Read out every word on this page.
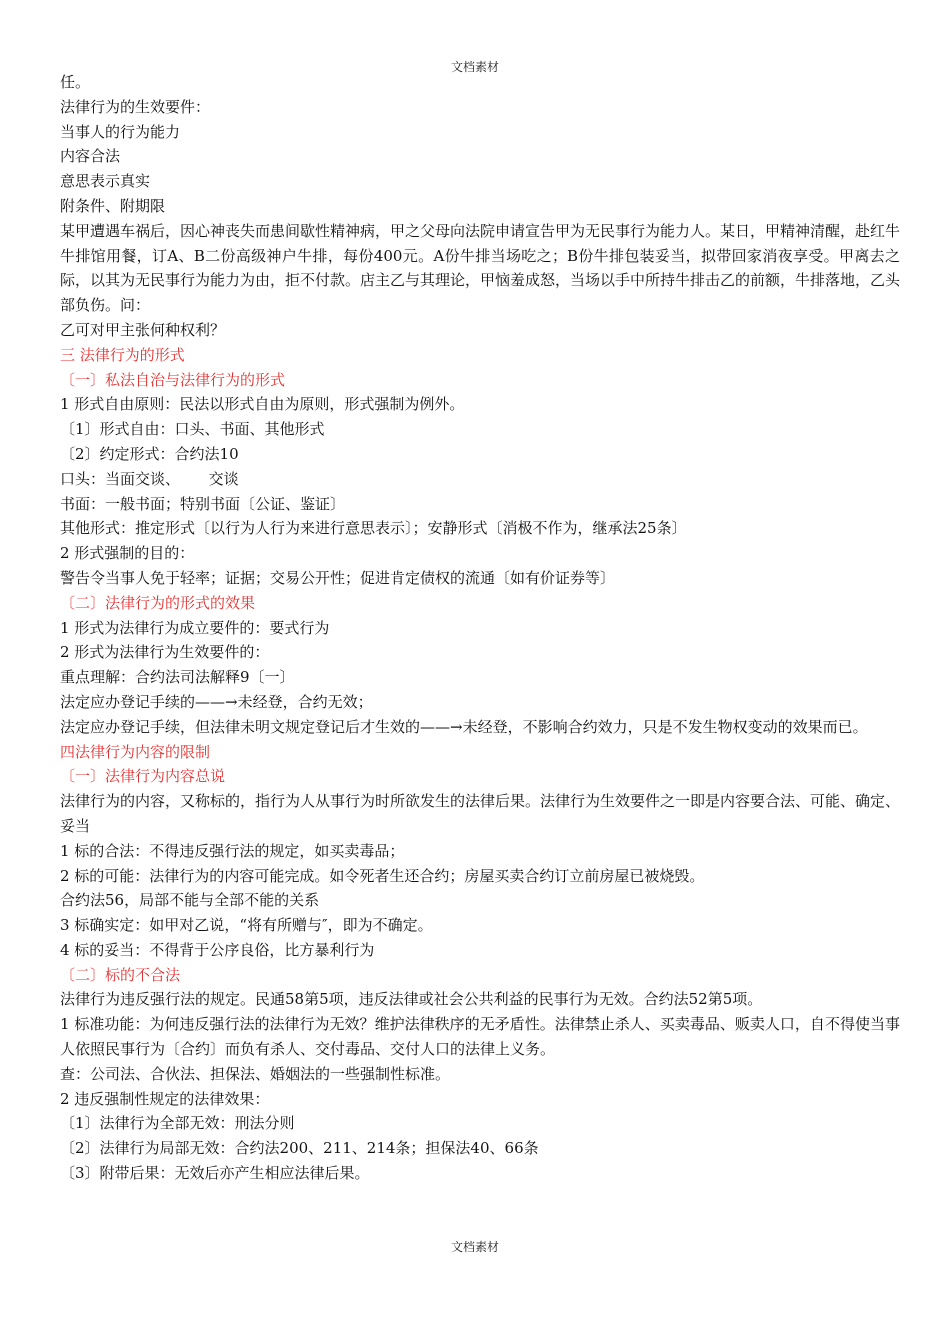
文档素材

任。

法律行为的生效要件：

当事人的行为能力

内容合法

意思表示真实

附条件、附期限

某甲遭遇车祸后，因心神丧失而患间歇性精神病，甲之父母向法院申请宣告甲为无民事行为能力人。某日，甲精神清醒，赴红牛牛排馆用餐，订A、B二份高级神户牛排，每份400元。A份牛排当场吃之；B份牛排包装妥当，拟带回家消夜享受。甲离去之际，以其为无民事行为能力为由，拒不付款。店主乙与其理论，甲恼羞成怒，当场以手中所持牛排击乙的前额，牛排落地，乙头部负伤。问：

乙可对甲主张何种权利？

三 法律行为的形式

〔一〕私法自治与法律行为的形式

1 形式自由原则：民法以形式自由为原则，形式强制为例外。

〔1〕形式自由：口头、书面、其他形式

〔2〕约定形式：合约法10

口头：当面交谈、      交谈

书面：一般书面；特别书面〔公证、鉴证〕

其他形式：推定形式〔以行为人行为来进行意思表示〕；安静形式〔消极不作为，继承法25条〕

2 形式强制的目的：

警告令当事人免于轻率；证据；交易公开性；促进肯定债权的流通〔如有价证券等〕

〔二〕法律行为的形式的效果

1 形式为法律行为成立要件的：要式行为

2 形式为法律行为生效要件的：

重点理解：合约法司法解释9〔一〕

法定应办登记手续的——→未经登，合约无效；

法定应办登记手续，但法律未明文规定登记后才生效的——→未经登，不影响合约效力，只是不发生物权变动的效果而已。

四法律行为内容的限制

〔一〕法律行为内容总说

法律行为的内容，又称标的，指行为人从事行为时所欲发生的法律后果。法律行为生效要件之一即是内容要合法、可能、确定、妥当

1 标的合法：不得违反强行法的规定，如买卖毒品；

2 标的可能：法律行为的内容可能完成。如令死者生还合约；房屋买卖合约订立前房屋已被烧毁。

合约法56，局部不能与全部不能的关系

3 标确实定：如甲对乙说，“将有所赠与″，即为不确定。

4 标的妥当：不得背于公序良俗，比方暴利行为

〔二〕标的不合法

法律行为违反强行法的规定。民通58第5项，违反法律或社会公共利益的民事行为无效。合约法52第5项。

1 标准功能：为何违反强行法的法律行为无效？维护法律秩序的无矛盾性。法律禁止杀人、买卖毒品、贩卖人口，自不得使当事人依照民事行为〔合约〕而负有杀人、交付毒品、交付人口的法律上义务。

查：公司法、合伙法、担保法、婚姻法的一些强制性标准。

2 违反强制性规定的法律效果：

〔1〕法律行为全部无效：刑法分则

〔2〕法律行为局部无效：合约法200、211、214条；担保法40、66条

〔3〕附带后果：无效后亦产生相应法律后果。

文档素材
